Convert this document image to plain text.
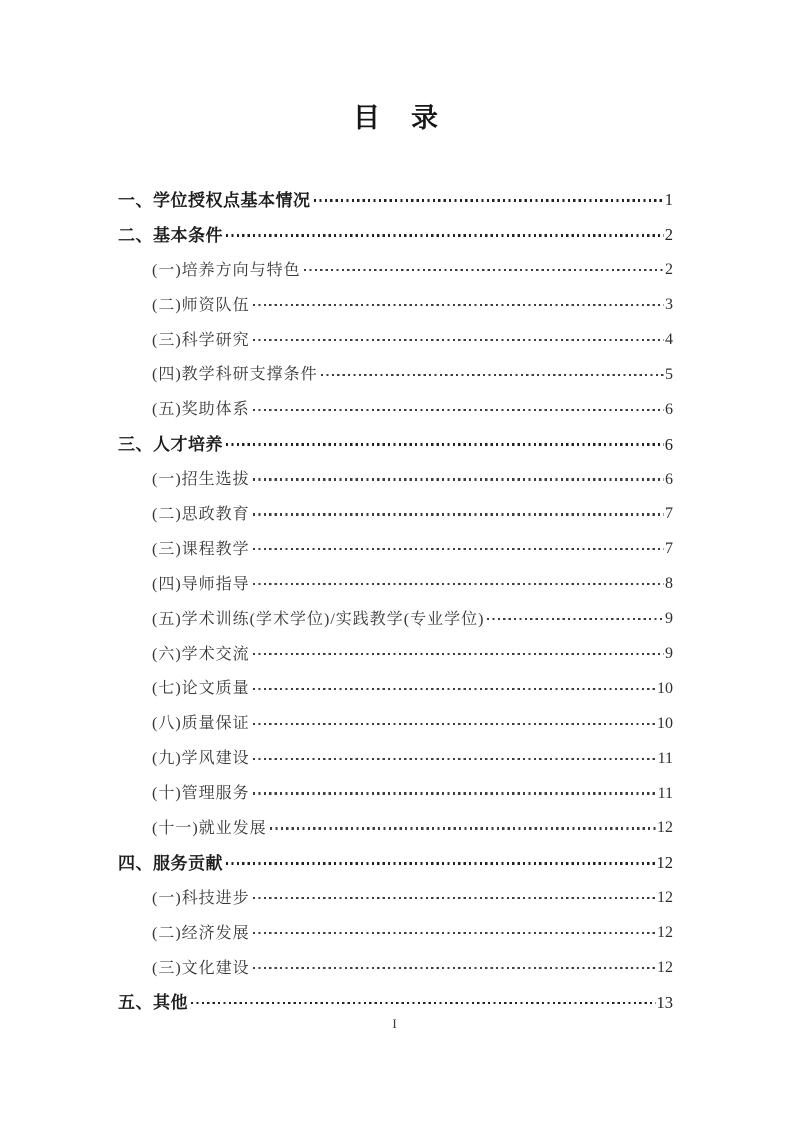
目　录
一、学位授权点基本情况	1
二、基本条件	2
(一)培养方向与特色	2
(二)师资队伍	3
(三)科学研究	4
(四)教学科研支撑条件	5
(五)奖助体系	6
三、人才培养	6
(一)招生选拔	6
(二)思政教育	7
(三)课程教学	7
(四)导师指导	8
(五)学术训练(学术学位)/实践教学(专业学位)	9
(六)学术交流	9
(七)论文质量	10
(八)质量保证	10
(九)学风建设	11
(十)管理服务	11
(十一)就业发展	12
四、服务贡献	12
(一)科技进步	12
(二)经济发展	12
(三)文化建设	12
五、其他	13
I
